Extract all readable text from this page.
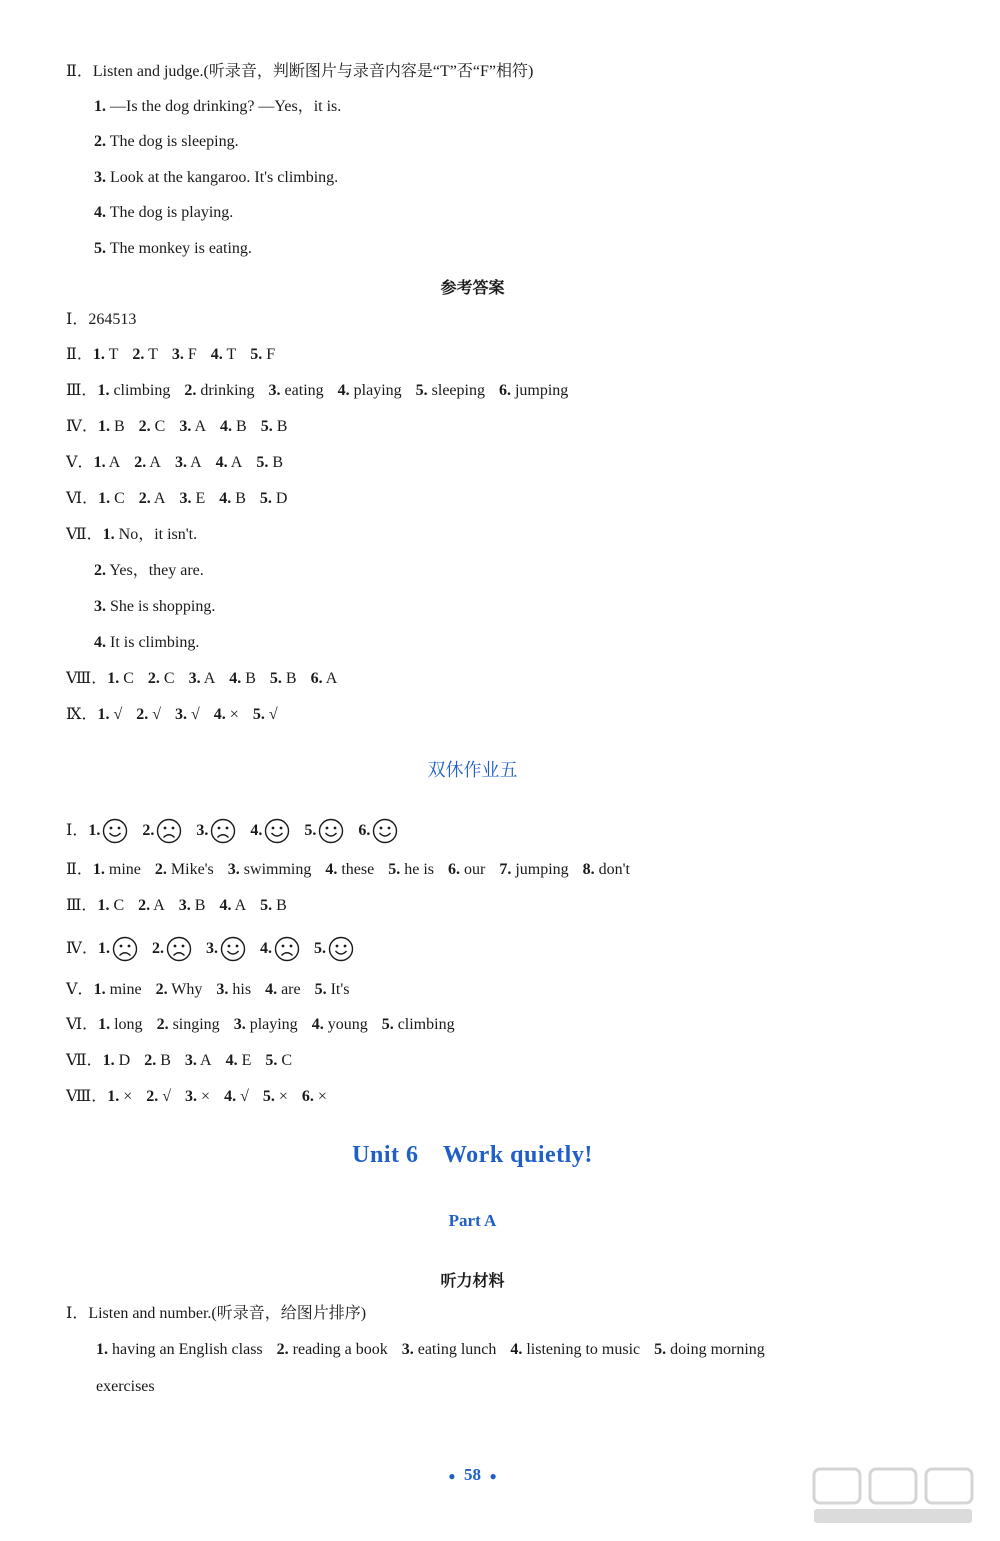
Ⅱ．Listen and judge.(听录音，判断图片与录音内容是“T”否“F”相符)
1. —Is the dog drinking? —Yes，it is.
2. The dog is sleeping.
3. Look at the kangaroo. It's climbing.
4. The dog is playing.
5. The monkey is eating.
参考答案
Ⅰ．264513
Ⅱ．1. T 2. T 3. F 4. T 5. F
Ⅲ．1. climbing 2. drinking 3. eating 4. playing 5. sleeping 6. jumping
Ⅳ．1. B 2. C 3. A 4. B 5. B
Ⅴ．1. A 2. A 3. A 4. A 5. B
Ⅵ．1. C 2. A 3. E 4. B 5. D
Ⅶ．1. No，it isn't.
2. Yes，they are.
3. She is shopping.
4. It is climbing.
Ⅷ．1. C 2. C 3. A 4. B 5. B 6. A
Ⅸ．1. √ 2. √ 3. √ 4. × 5. √
双休作业五
Ⅰ．1.	2.	3.	4.	5.	6.
Ⅱ．1. mine 2. Mike's 3. swimming 4. these 5. he is 6. our 7. jumping 8. don't
Ⅲ．1. C 2. A 3. B 4. A 5. B
Ⅳ．1.	2.	3.	4.	5.
Ⅴ．1. mine 2. Why 3. his 4. are 5. It's
Ⅵ．1. long 2. singing 3. playing 4. young 5. climbing
Ⅶ．1. D 2. B 3. A 4. E 5. C
Ⅷ．1. × 2. √ 3. × 4. √ 5. × 6. ×
Unit 6　Work quietly!
Part A
听力材料
Ⅰ．Listen and number.(听录音，给图片排序)
1. having an English class 2. reading a book 3. eating lunch 4. listening to music 5. doing morning
exercises
● 58 ●
